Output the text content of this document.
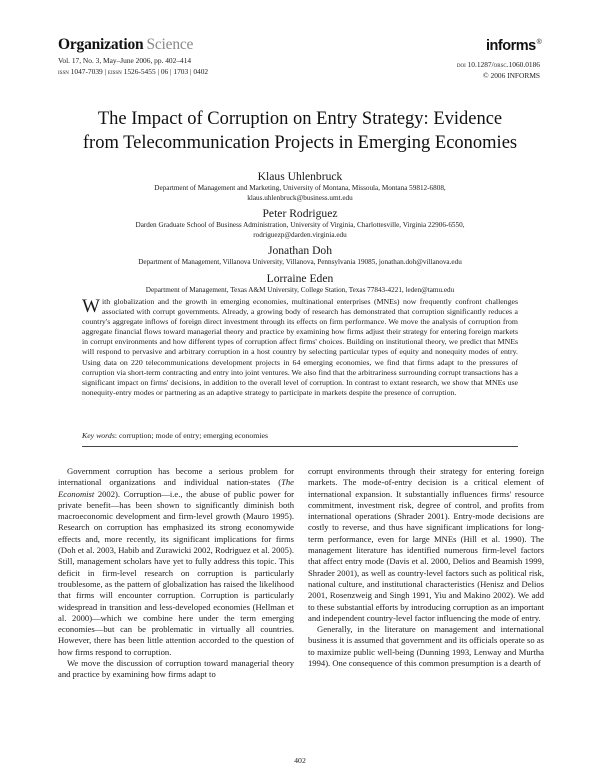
Organization Science	informs®
Vol. 17, No. 3, May–June 2006, pp. 402–414
issn 1047-7039 | eissn 1526-5455 | 06 | 1703 | 0402
doi 10.1287/orsc.1060.0186
© 2006 INFORMS
The Impact of Corruption on Entry Strategy: Evidence
from Telecommunication Projects in Emerging Economies
Klaus Uhlenbruck
Department of Management and Marketing, University of Montana, Missoula, Montana 59812-6808,
klaus.uhlenbruck@business.umt.edu
Peter Rodriguez
Darden Graduate School of Business Administration, University of Virginia, Charlottesville, Virginia 22906-6550,
rodriguezp@darden.virginia.edu
Jonathan Doh
Department of Management, Villanova University, Villanova, Pennsylvania 19085, jonathan.doh@villanova.edu
Lorraine Eden
Department of Management, Texas A&M University, College Station, Texas 77843-4221, leden@tamu.edu
With globalization and the growth in emerging economies, multinational enterprises (MNEs) now frequently confront challenges associated with corrupt governments. Already, a growing body of research has demonstrated that corruption significantly reduces a country's aggregate inflows of foreign direct investment through its effects on firm performance. We move the analysis of corruption from aggregate financial flows toward managerial theory and practice by examining how firms adjust their strategy for entering foreign markets in corrupt environments and how different types of corruption affect firms' choices. Building on institutional theory, we predict that MNEs will respond to pervasive and arbitrary corruption in a host country by selecting particular types of equity and nonequity modes of entry. Using data on 220 telecommunications development projects in 64 emerging economies, we find that firms adapt to the pressures of corruption via short-term contracting and entry into joint ventures. We also find that the arbitrariness surrounding corrupt transactions has a significant impact on firms' decisions, in addition to the overall level of corruption. In contrast to extant research, we show that MNEs use nonequity-entry modes or partnering as an adaptive strategy to participate in markets despite the presence of corruption.
Key words: corruption; mode of entry; emerging economies

Government corruption has become a serious problem for international organizations and individual nation-states (The Economist 2002). Corruption—i.e., the abuse of public power for private benefit—has been shown to significantly diminish both macroeconomic development and firm-level growth (Mauro 1995). Research on corruption has emphasized its strong economywide effects and, more recently, its significant implications for firms (Doh et al. 2003, Habib and Zurawicki 2002, Rodriguez et al. 2005). Still, management scholars have yet to fully address this topic. This deficit in firm-level research on corruption is particularly troublesome, as the pattern of globalization has raised the likelihood that firms will encounter corruption. Corruption is particularly widespread in transition and less-developed economies (Hellman et al. 2000)—which we combine here under the term emerging economies—but can be problematic in virtually all countries. However, there has been little attention accorded to the question of how firms respond to corruption.

We move the discussion of corruption toward managerial theory and practice by examining how firms adapt to

corrupt environments through their strategy for entering foreign markets. The mode-of-entry decision is a critical element of international expansion. It substantially influences firms' resource commitment, investment risk, degree of control, and profits from international operations (Shrader 2001). Entry-mode decisions are costly to reverse, and thus have significant implications for long-term performance, even for large MNEs (Hill et al. 1990). The management literature has identified numerous firm-level factors that affect entry mode (Davis et al. 2000, Delios and Beamish 1999, Shrader 2001), as well as country-level factors such as political risk, national culture, and institutional characteristics (Henisz and Delios 2001, Rosenzweig and Singh 1991, Yiu and Makino 2002). We add to these substantial efforts by introducing corruption as an important and independent country-level factor influencing the mode of entry.

Generally, in the literature on management and international business it is assumed that government and its officials operate so as to maximize public well-being (Dunning 1993, Lenway and Murtha 1994). One consequence of this common presumption is a dearth of

402
